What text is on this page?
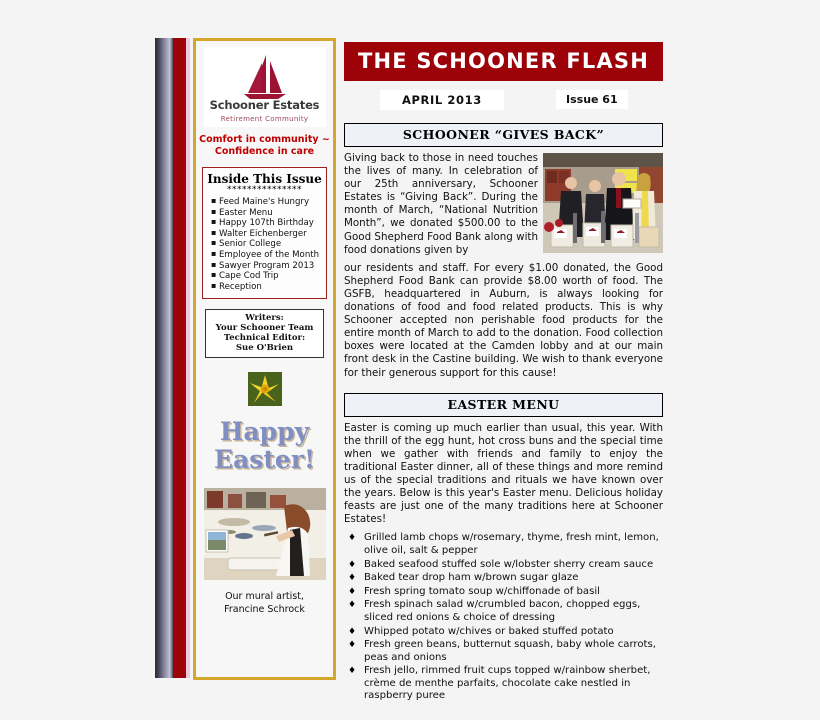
Schooner Estates
Retirement Community
Comfort in community ~
Confidence in care
Inside This Issue
***************
▪ Feed Maine's Hungry
▪ Easter Menu
▪ Happy 107th Birthday
▪ Walter Eichenberger
▪ Senior College
▪ Employee of the Month
▪ Sawyer Program 2013
▪ Cape Cod Trip
▪ Reception
Writers:
Your Schooner Team
Technical Editor:
Sue O'Brien
Happy
Easter!
Our mural artist,
Francine Schrock
THE SCHOONER FLASH
APRIL 2013	Issue 61
SCHOONER “GIVES BACK”
Giving back to those in need touches the lives of many. In celebration of our 25th anniversary, Schooner Estates is “Giving Back”. During the month of March, “National Nutrition Month”, we donated $500.00 to the Good Shepherd Food Bank along with food donations given by
our residents and staff. For every $1.00 donated, the Good Shepherd Food Bank can provide $8.00 worth of food. The GSFB, headquartered in Auburn, is always looking for donations of food and food related products. This is why Schooner accepted non perishable food products for the entire month of March to add to the donation. Food collection boxes were located at the Camden lobby and at our main front desk in the Castine building. We wish to thank everyone for their generous support for this cause!
EASTER MENU
Easter is coming up much earlier than usual, this year. With the thrill of the egg hunt, hot cross buns and the special time when we gather with friends and family to enjoy the traditional Easter dinner, all of these things and more remind us of the special traditions and rituals we have known over the years. Below is this year's Easter menu. Delicious holiday feasts are just one of the many traditions here at Schooner Estates!
♦ Grilled lamb chops w/rosemary, thyme, fresh mint, lemon, olive oil, salt & pepper
♦ Baked seafood stuffed sole w/lobster sherry cream sauce
♦ Baked tear drop ham w/brown sugar glaze
♦ Fresh spring tomato soup w/chiffonade of basil
♦ Fresh spinach salad w/crumbled bacon, chopped eggs, sliced red onions & choice of dressing
♦ Whipped potato w/chives or baked stuffed potato
♦ Fresh green beans, butternut squash, baby whole carrots, peas and onions
♦ Fresh jello, rimmed fruit cups topped w/rainbow sherbet, crème de menthe parfaits, chocolate cake nestled in raspberry puree
